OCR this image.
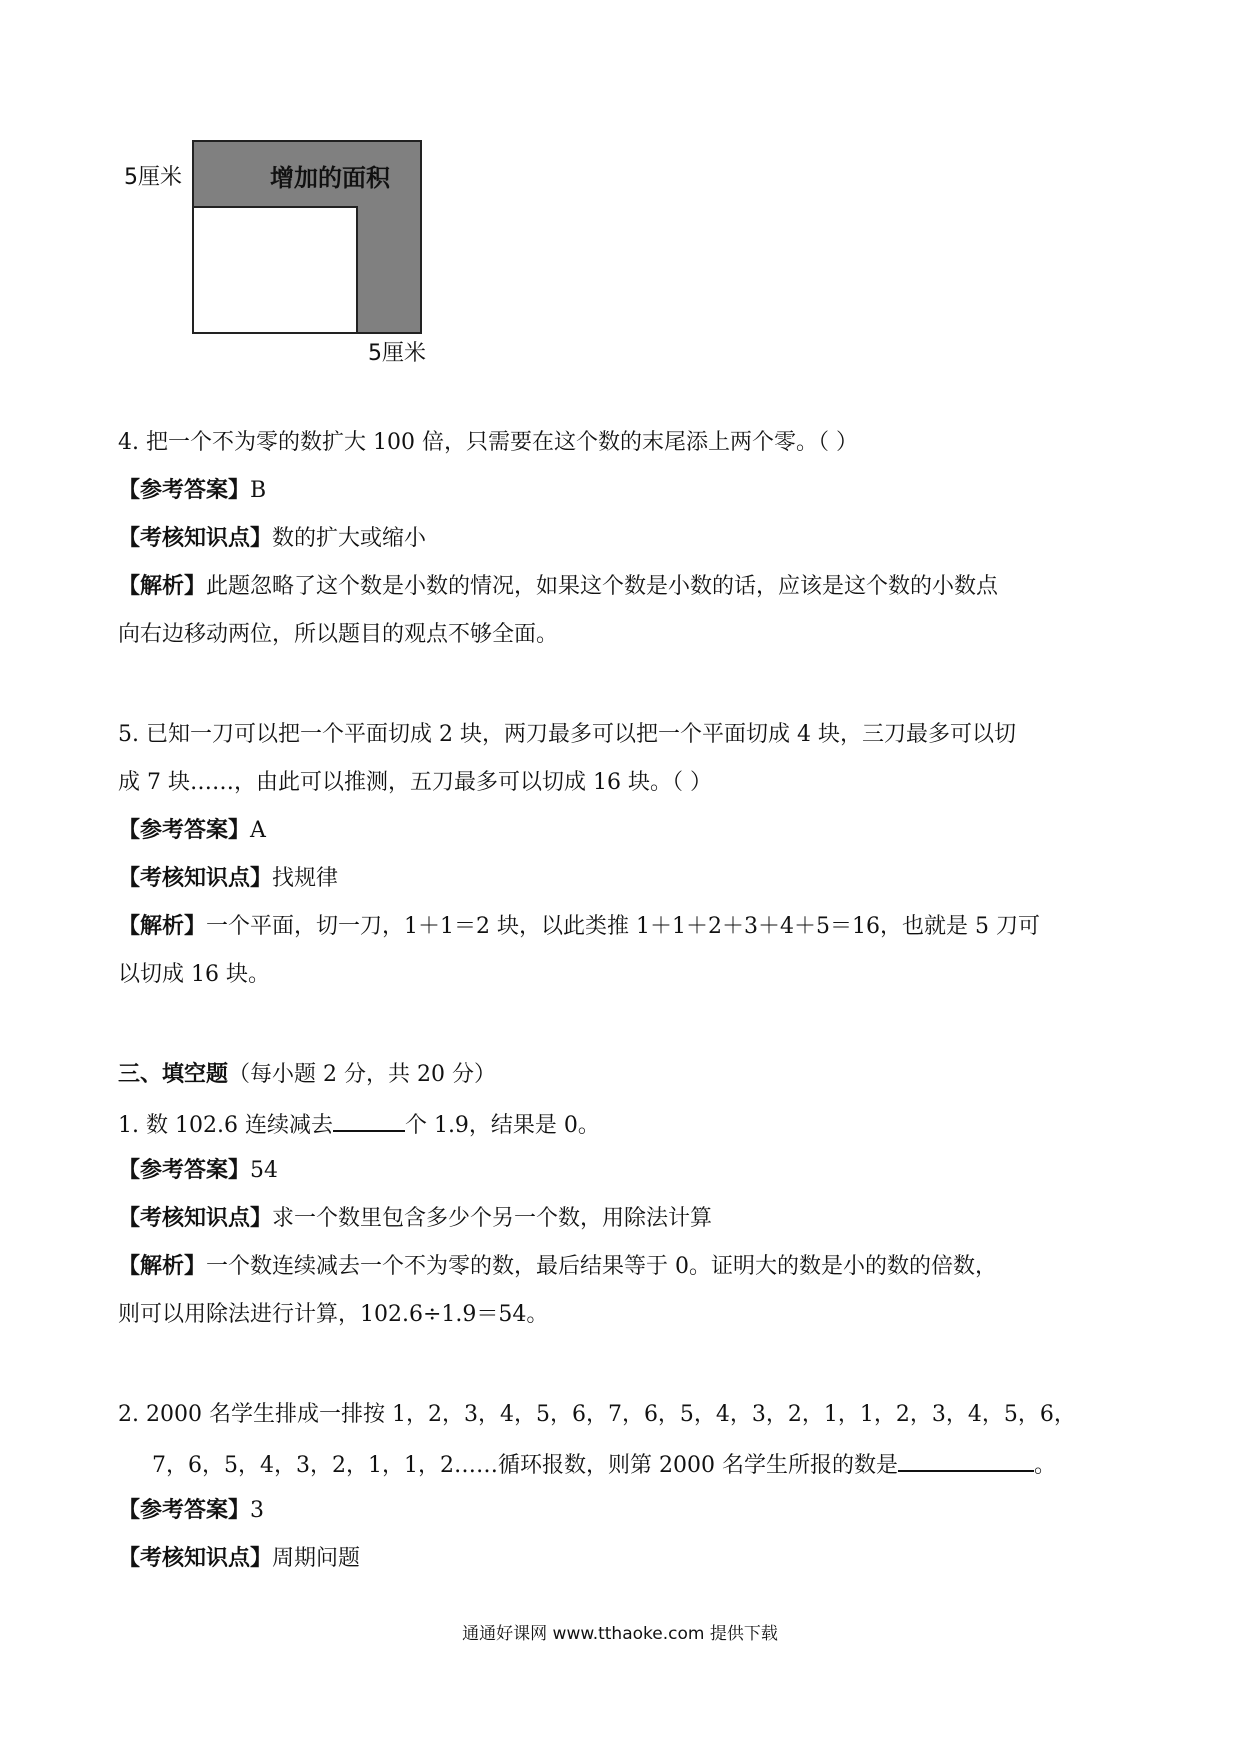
增加的面积
5厘米
5厘米
4. 把一个不为零的数扩大 100 倍，只需要在这个数的末尾添上两个零。（ ）
【参考答案】B
【考核知识点】数的扩大或缩小
【解析】此题忽略了这个数是小数的情况，如果这个数是小数的话，应该是这个数的小数点
向右边移动两位，所以题目的观点不够全面。
5. 已知一刀可以把一个平面切成 2 块，两刀最多可以把一个平面切成 4 块，三刀最多可以切
成 7 块……，由此可以推测，五刀最多可以切成 16 块。（ ）
【参考答案】A
【考核知识点】找规律
【解析】一个平面，切一刀，1＋1＝2 块，以此类推 1＋1＋2＋3＋4＋5＝16，也就是 5 刀可
以切成 16 块。
三、填空题（每小题 2 分，共 20 分）
1. 数 102.6 连续减去	个 1.9，结果是 0。
【参考答案】54
【考核知识点】求一个数里包含多少个另一个数，用除法计算
【解析】一个数连续减去一个不为零的数，最后结果等于 0。证明大的数是小的数的倍数，
则可以用除法进行计算，102.6÷1.9＝54。
2. 2000 名学生排成一排按 1，2，3，4，5，6，7，6，5，4，3，2，1，1，2，3，4，5，6，
7，6，5，4，3，2，1，1，2……循环报数，则第 2000 名学生所报的数是	。
【参考答案】3
【考核知识点】周期问题
通通好课网 www.tthaoke.com 提供下载
